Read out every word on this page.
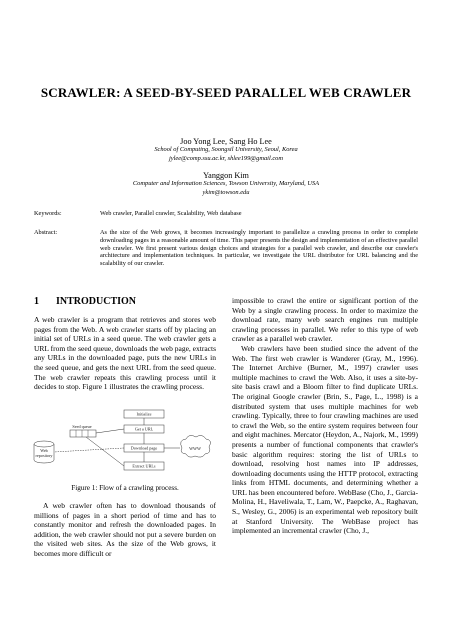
SCRAWLER: A SEED-BY-SEED PARALLEL WEB CRAWLER
Joo Yong Lee, Sang Ho Lee
School of Computing, Soongsil University, Seoul, Korea
jylee@comp.ssu.ac.kr, shlee199@gmail.com
Yanggon Kim
Computer and Information Sciences, Towson University, Maryland, USA
ykim@towson.edu
Keywords:	Web crawler, Parallel crawler, Scalability, Web database
Abstract:	As the size of the Web grows, it becomes increasingly important to parallelize a crawling process in order to complete downloading pages in a reasonable amount of time. This paper presents the design and implementation of an effective parallel web crawler. We first present various design choices and strategies for a parallel web crawler, and describe our crawler's architecture and implementation techniques. In particular, we investigate the URL distributor for URL balancing and the scalability of our crawler.
1 INTRODUCTION

A web crawler is a program that retrieves and stores web pages from the Web. A web crawler starts off by placing an initial set of URLs in a seed queue. The web crawler gets a URL from the seed queue, downloads the web page, extracts any URLs in the downloaded page, puts the new URLs in the seed queue, and gets the next URL from the seed queue. The web crawler repeats this crawling process until it decides to stop. Figure 1 illustrates the crawling process.

Initialize
Get a URL
Download page
Extract URLs
Seed queue
Web
repository
WWW
Figure 1: Flow of a crawling process.

A web crawler often has to download thousands of millions of pages in a short period of time and has to constantly monitor and refresh the downloaded pages. In addition, the web crawler should not put a severe burden on the visited web sites. As the size of the Web grows, it becomes more difficult or

impossible to crawl the entire or significant portion of the Web by a single crawling process. In order to maximize the download rate, many web search engines run multiple crawling processes in parallel. We refer to this type of web crawler as a parallel web crawler.

Web crawlers have been studied since the advent of the Web. The first web crawler is Wanderer (Gray, M., 1996). The Internet Archive (Burner, M., 1997) crawler uses multiple machines to crawl the Web. Also, it uses a site-by-site basis crawl and a Bloom filter to find duplicate URLs. The original Google crawler (Brin, S., Page, L., 1998) is a distributed system that uses multiple machines for web crawling. Typically, three to four crawling machines are used to crawl the Web, so the entire system requires between four and eight machines. Mercator (Heydon, A., Najork, M., 1999) presents a number of functional components that crawler's basic algorithm requires: storing the list of URLs to download, resolving host names into IP addresses, downloading documents using the HTTP protocol, extracting links from HTML documents, and determining whether a URL has been encountered before. WebBase (Cho, J., Garcia-Molina, H., Haveliwala, T., Lam, W., Paepcke, A., Raghavan, S., Wesley, G., 2006) is an experimental web repository built at Stanford University. The WebBase project has implemented an incremental crawler (Cho, J.,
